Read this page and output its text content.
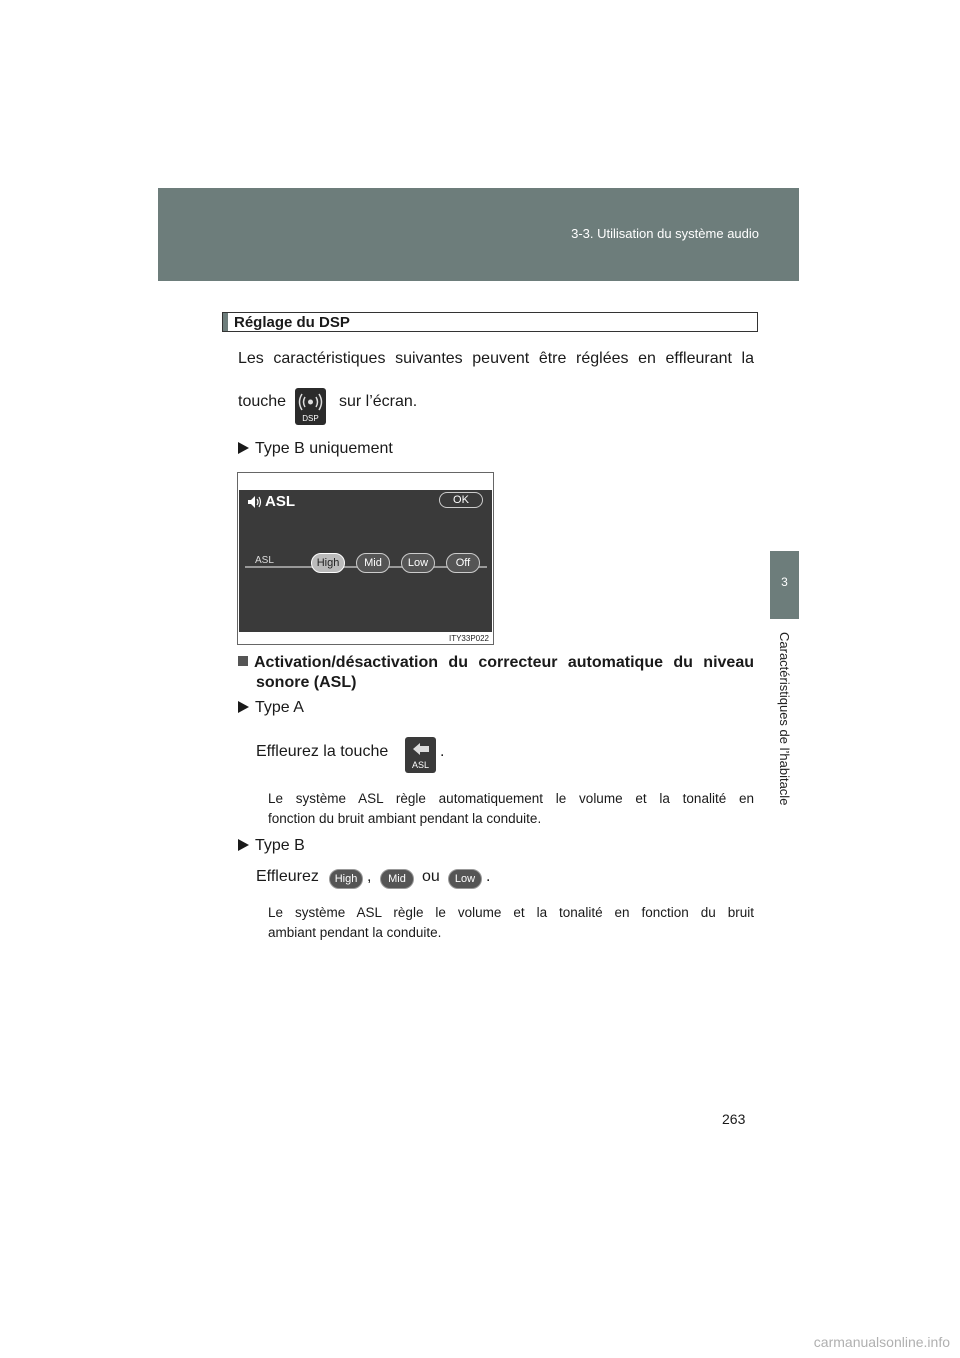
3-3. Utilisation du système audio
3
Caractéristiques de l’habitacle
Réglage du DSP
Les caractéristiques suivantes peuvent être réglées en effleurant la
touche
DSP
sur l’écran.
Type B uniquement
ASL	OK
ASL	High	Mid	Low	Off
ITY33P022
Activation/désactivation du correcteur automatique du niveau
sonore (ASL)
Type A
Effleurez la touche
ASL
.
Le système ASL règle automatiquement le volume et la tonalité en
fonction du bruit ambiant pendant la conduite.
Type B
Effleurez	High ,	Mid	ou	Low .
Le système ASL règle le volume et la tonalité en fonction du bruit
ambiant pendant la conduite.
263
carmanualsonline.info
